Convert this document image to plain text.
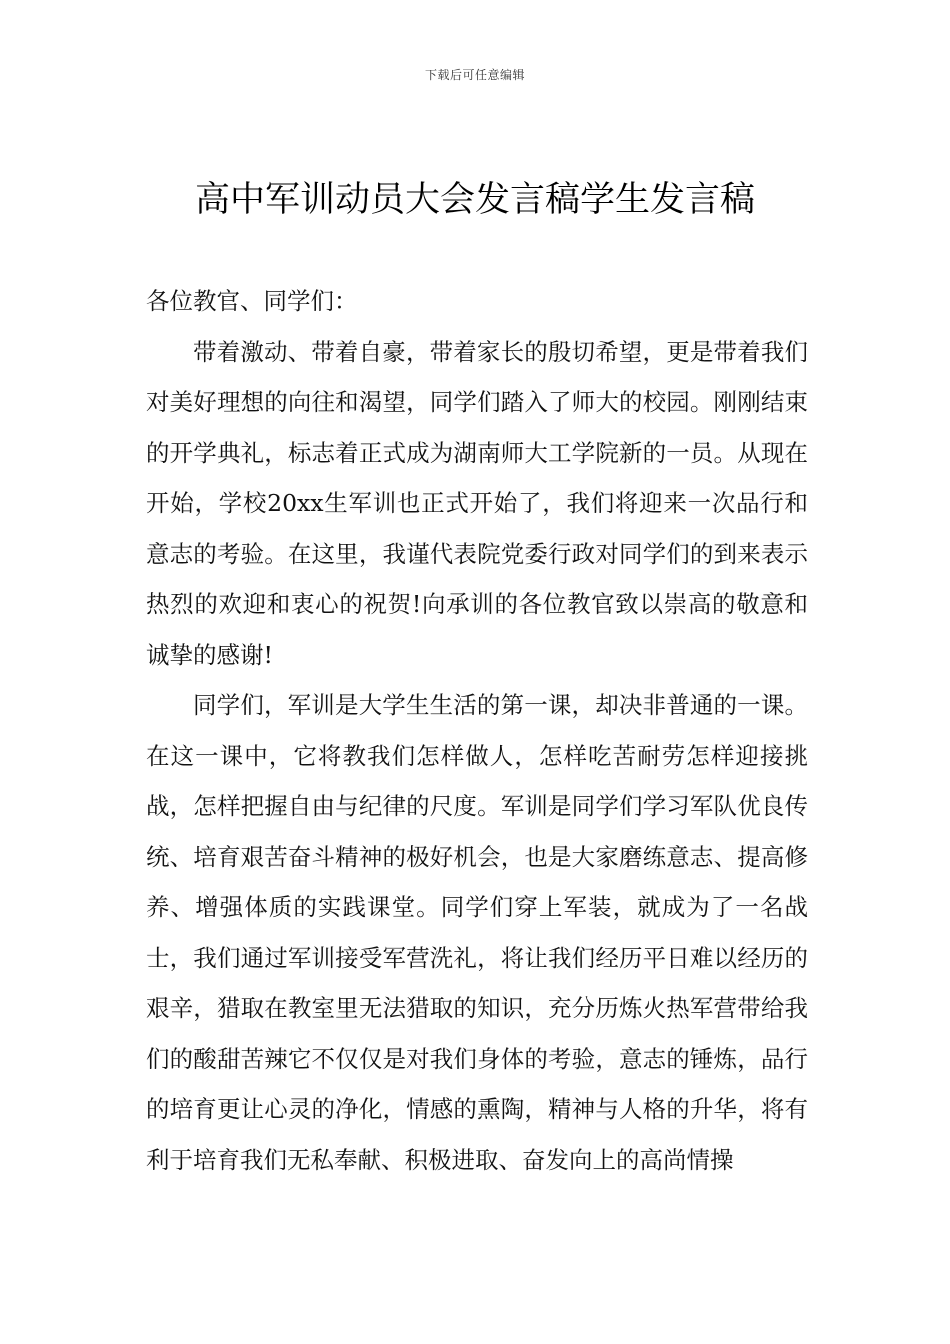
下载后可任意编辑
高中军训动员大会发言稿学生发言稿

各位教官、同学们：

带着激动、带着自豪，带着家长的殷切希望，更是带着我们对美好理想的向往和渴望，同学们踏入了师大的校园。刚刚结束的开学典礼，标志着正式成为湖南师大工学院新的一员。从现在开始，学校20xx生军训也正式开始了，我们将迎来一次品行和意志的考验。在这里，我谨代表院党委行政对同学们的到来表示热烈的欢迎和衷心的祝贺!向承训的各位教官致以崇高的敬意和诚挚的感谢!

同学们，军训是大学生生活的第一课，却决非普通的一课。在这一课中，它将教我们怎样做人，怎样吃苦耐劳怎样迎接挑战，怎样把握自由与纪律的尺度。军训是同学们学习军队优良传统、培育艰苦奋斗精神的极好机会，也是大家磨练意志、提高修养、增强体质的实践课堂。同学们穿上军装，就成为了一名战士，我们通过军训接受军营洗礼，将让我们经历平日难以经历的艰辛，猎取在教室里无法猎取的知识，充分历炼火热军营带给我们的酸甜苦辣它不仅仅是对我们身体的考验，意志的锤炼，品行的培育更让心灵的净化，情感的熏陶，精神与人格的升华，将有利于培育我们无私奉献、积极进取、奋发向上的高尚情操
